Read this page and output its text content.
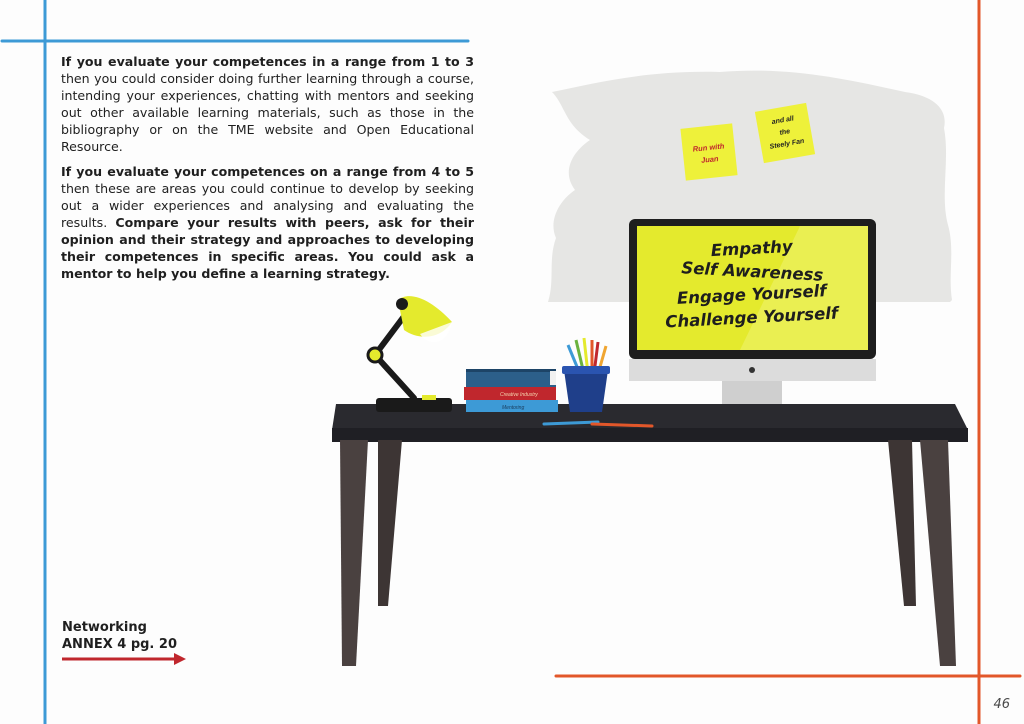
If you evaluate your competences in a range from 1 to 3 then you could consider doing further learning through a course, intending your experiences, chatting with mentors and seeking out other available learning materials, such as those in the bibliography or on the TME website and Open Educational Resource.

If you evaluate your competences on a range from 4 to 5 then these are areas you could continue to develop by seeking out a wider experiences and analysing and evaluating the results. Compare your results with peers, ask for their opinion and their strategy and approaches to developing their competences in specific areas. You could ask a mentor to help you define a learning strategy.

Run with
Juan
and all
the
Steely Fan
Empathy
Self Awareness
Engage Yourself
Challenge Yourself
Creative Industry
Mentoring
Networking
ANNEX 4 pg. 20
46
